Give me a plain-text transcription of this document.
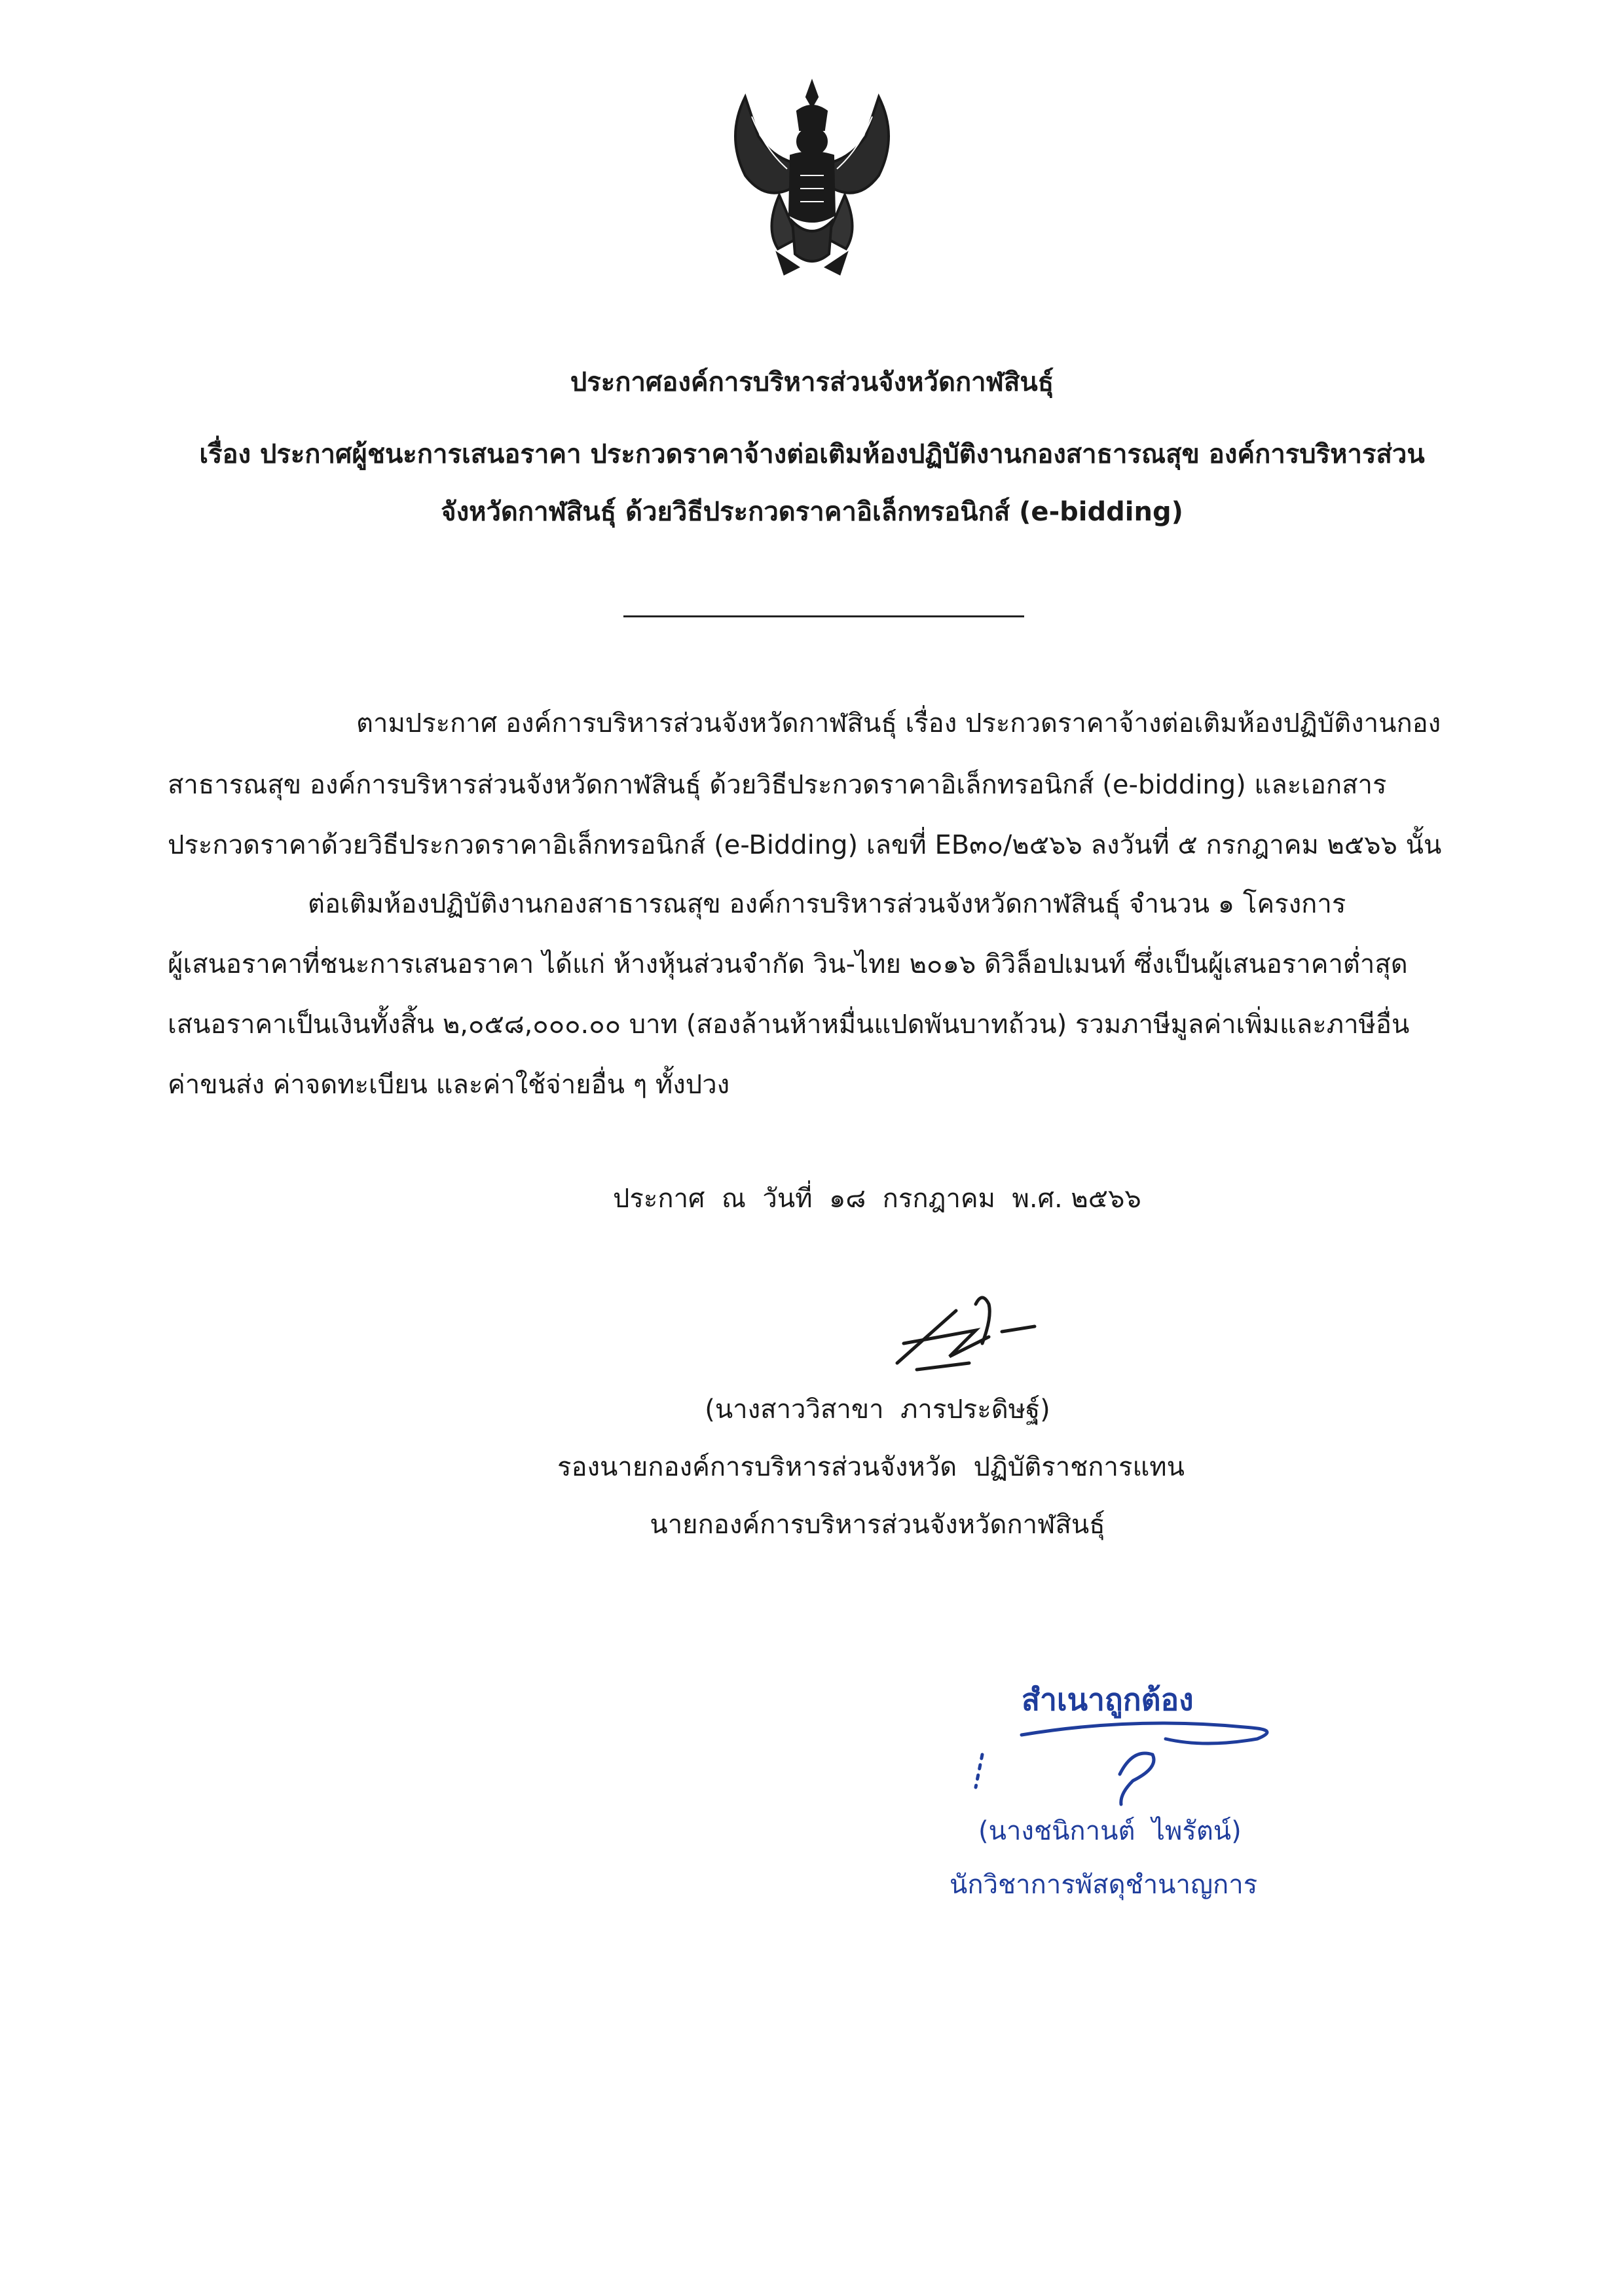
ประกาศองค์การบริหารส่วนจังหวัดกาฬสินธุ์
เรื่อง ประกาศผู้ชนะการเสนอราคา ประกวดราคาจ้างต่อเติมห้องปฏิบัติงานกองสาธารณสุข องค์การบริหารส่วน
จังหวัดกาฬสินธุ์ ด้วยวิธีประกวดราคาอิเล็กทรอนิกส์ (e-bidding)
ตามประกาศ องค์การบริหารส่วนจังหวัดกาฬสินธุ์ เรื่อง ประกวดราคาจ้างต่อเติมห้องปฏิบัติงานกอง
สาธารณสุข องค์การบริหารส่วนจังหวัดกาฬสินธุ์ ด้วยวิธีประกวดราคาอิเล็กทรอนิกส์ (e-bidding) และเอกสาร
ประกวดราคาด้วยวิธีประกวดราคาอิเล็กทรอนิกส์ (e-Bidding) เลขที่ EB๓๐/๒๕๖๖ ลงวันที่ ๕ กรกฎาคม ๒๕๖๖ นั้น
ต่อเติมห้องปฏิบัติงานกองสาธารณสุข องค์การบริหารส่วนจังหวัดกาฬสินธุ์ จำนวน ๑ โครงการ
ผู้เสนอราคาที่ชนะการเสนอราคา ได้แก่ ห้างหุ้นส่วนจำกัด วิน-ไทย ๒๐๑๖ ดิวิล็อปเมนท์ ซึ่งเป็นผู้เสนอราคาต่ำสุด
เสนอราคาเป็นเงินทั้งสิ้น ๒,๐๕๘,๐๐๐.๐๐ บาท (สองล้านห้าหมื่นแปดพันบาทถ้วน) รวมภาษีมูลค่าเพิ่มและภาษีอื่น
ค่าขนส่ง ค่าจดทะเบียน และค่าใช้จ่ายอื่น ๆ ทั้งปวง
ประกาศ  ณ  วันที่  ๑๘  กรกฎาคม  พ.ศ. ๒๕๖๖
(นางสาววิสาขา  ภารประดิษฐ์)
รองนายกองค์การบริหารส่วนจังหวัด  ปฏิบัติราชการแทน
นายกองค์การบริหารส่วนจังหวัดกาฬสินธุ์
สำเนาถูกต้อง
(นางชนิกานต์  ไพรัตน์)
นักวิชาการพัสดุชำนาญการ
